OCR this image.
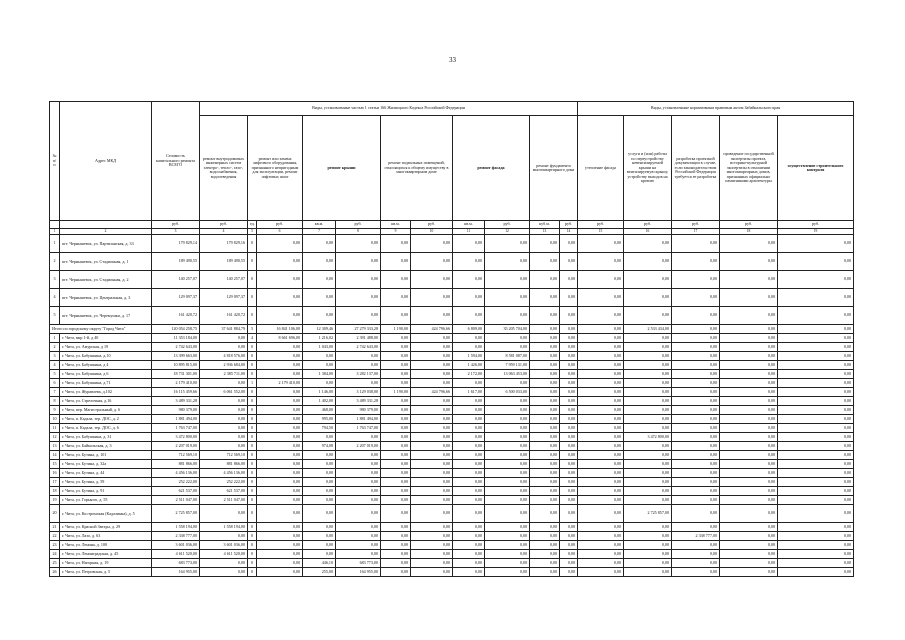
33
№ п/п	Адрес МКД	Стоимость капитального ремонта ВСЕГО	Виды, установленные частью 1 статьи 166 Жилищного Кодекса Российской Федерации											Виды, установленные нормативным правовым актом Забайкальского края				
			ремонт внутридомовых инженерных систем электро-, тепло-, газо-, водоснабжения, водоотведения	ремонт или замена лифтового оборудования, признанного непригодным для эксплуатации, ремонт лифтовых шахт		ремонт крыши		ремонт подвальных помещений, относящихся к общему имуществу в многоквартирном доме		ремонт фасада		ремонт фундамента многоквартирного дома		утепление фасада	услуги и (или) работы по переустройству невентилируемой крыши на вентилируемую крышу, устройству выходов на кровлю	разработка проектной документации в случае, если законодательством Российской Федерации требуется ее разработка	проведение государственной экспертизы проекта, историко-культурной экспертизы в отношении многоквартирных домов, признанных официально памятниками архитектуры	осуществление строительного контроля
		руб.	руб.	ед.	руб.	кв.м.	руб.	кв.м.	руб.	кв.м.	руб.	куб.м.	руб.	руб.	руб.	руб.	руб.	руб.
1	2	3	4	5	6	7	8	9	10	11	12	13	14	15	16	17	18	19
1	пгт. Чернышевск, ул. Партизанская, д. 33	179 829,14	179 829,16	0	0,00	0,00	0,00	0,00	0,00	0,00	0,00	0,00	0,00	0,00	0,00	0,00	0,00	0,00
2	пгт. Чернышевск, ул. Стадионная, д. 1	189 490,55	189 490,55	0	0,00	0,00	0,00	0,00	0,00	0,00	0,00	0,00	0,00	0,00	0,00	0,00	0,00	0,00
3	пгт. Чернышевск, ул. Стадионная, д. 2	140 257,07	140 257,07	0	0,00	0,00	0,00	0,00	0,00	0,00	0,00	0,00	0,00	0,00	0,00	0,00	0,00	0,00
4	пгт. Чернышевск, ул. Центральная, д. 3	129 097,37	129 097,37	0	0,00	0,00	0,00	0,00	0,00	0,00	0,00	0,00	0,00	0,00	0,00	0,00	0,00	0,00
5	пгт. Чернышевск, ул. Черемушки, д. 17	161 420,72	161 420,72	0	0,00	0,00	0,00	0,00	0,00	0,00	0,00	0,00	0,00	0,00	0,00	0,00	0,00	0,00
Итого по городскому округу "Город Чита"		120 054 258,75	37 641 884,79	5	16 841 106,00	12 309,46	27 279 333,28	1 190,00	424 796,66	6 809,00	35 205 704,00	0,00	0,00	0,00	2 533 434,00	0,00	0,00	0,00
1	г. Чита, мкр 1-й, д 40	11 353 184,00	0,00	4	8 661 696,00	1 216,02	2 391 488,00	0,00	0,00	0,00	0,00	0,00	0,00	0,00	0,00	0,00	0,00	0,00
2	г. Чита, ул. Амурская, д 19	2 742 643,00	0,00	0	0,00	1 043,00	2 742 643,00	0,00	0,00	0,00	0,00	0,00	0,00	0,00	0,00	0,00	0,00	0,00
3	г. Чита, ул. Бабушкина, д.10	13 399 663,00	4 818 576,00	0	0,00	0,00	0,00	0,00	0,00	1 594,00	8 581 087,00	0,00	0,00	0,00	0,00	0,00	0,00	0,00
4	г. Чита, ул. Бабушкина, д 4	10 895 815,00	2 936 684,00	0	0,00	0,00	0,00	0,00	0,00	1 426,00	7 959 131,00	0,00	0,00	0,00	0,00	0,00	0,00	0,00
5	г. Чита, ул. Бабушкина, д 6	18 731 301,00	2 385 711,00	0	0,00	1 384,00	3 282 137,00	0,00	0,00	2 172,00	13 063 453,00	0,00	0,00	0,00	0,00	0,00	0,00	0,00
6	г. Чита, ул. Бабушкина, д.71	2 179 410,00	0,00	1	2 179 410,00	0,00	0,00	0,00	0,00	0,00	0,00	0,00	0,00	0,00	0,00	0,00	0,00	0,00
7	г. Чита, ул. Журавлева, д.102	16 115 459,66	6 061 552,00	0	0,00	1 146,00	3 129 038,00	1 190,00	424 796,66	1 617,00	6 500 033,00	0,00	0,00	0,00	0,00	0,00	0,00	0,00
8	г. Чита, ул. Стрелочная, д.16	3 489 331,28	0,00	0	0,00	1 402,00	3 489 331,28	0,00	0,00	0,00	0,00	0,00	0,00	0,00	0,00	0,00	0,00	0,00
9	г. Чита, пер. Магистральный, д. 6	980 379,00	0,00	0	0,00	468,00	980 379,00	0,00	0,00	0,00	0,00	0,00	0,00	0,00	0,00	0,00	0,00	0,00
10	г. Чита, п. Кадала, тер. ДОС, д. 2	1 881 494,00	0,00	0	0,00	995,00	1 881 494,00	0,00	0,00	0,00	0,00	0,00	0,00	0,00	0,00	0,00	0,00	0,00
11	г. Чита, п. Кадала, тер. ДОС, д. 6	1 763 747,00	0,00	0	0,00	794,50	1 763 747,00	0,00	0,00	0,00	0,00	0,00	0,00	0,00	0,00	0,00	0,00	0,00
12	г. Чита, ул. Бабушкина, д. 31	3 472 800,00	0,00	0	0,00	0,00	0,00	0,00	0,00	0,00	0,00	0,00	0,00	0,00	3 472 800,00	0,00	0,00	0,00
13	г. Чита, ул. Байкальская, д. 3	2 207 019,00	0,00	0	0,00	974,08	2 207 019,00	0,00	0,00	0,00	0,00	0,00	0,00	0,00	0,00	0,00	0,00	0,00
14	г. Чита, ул. Бутина, д. 101	712 569,10	712 569,10	0	0,00	0,00	0,00	0,00	0,00	0,00	0,00	0,00	0,00	0,00	0,00	0,00	0,00	0,00
15	г. Чита, ул. Бутина, д. 32а	881 866,00	881 866,00	0	0,00	0,00	0,00	0,00	0,00	0,00	0,00	0,00	0,00	0,00	0,00	0,00	0,00	0,00
16	г. Чита, ул. Бутина, д. 44	4 456 136,00	4 456 136,00	0	0,00	0,00	0,00	0,00	0,00	0,00	0,00	0,00	0,00	0,00	0,00	0,00	0,00	0,00
17	г. Чита, ул. Бутина, д. 59	252 222,00	252 222,00	0	0,00	0,00	0,00	0,00	0,00	0,00	0,00	0,00	0,00	0,00	0,00	0,00	0,00	0,00
18	г. Чита, ул. Бутина, д. 91	621 537,00	621 537,00	0	0,00	0,00	0,00	0,00	0,00	0,00	0,00	0,00	0,00	0,00	0,00	0,00	0,00	0,00
19	г. Чита, ул. Горького, д. 55	2 511 047,00	2 511 047,00	0	0,00	0,00	0,00	0,00	0,00	0,00	0,00	0,00	0,00	0,00	0,00	0,00	0,00	0,00
20	г. Чита, ул. Костромская (Кадалинка), д. 5	2 725 857,00	0,00	0	0,00	0,00	0,00	0,00	0,00	0,00	0,00	0,00	0,00	0,00	2 725 857,00	0,00	0,00	0,00
21	г. Чита, ул. Красной Звезды, д. 29	1 558 194,00	1 558 194,00	0	0,00	0,00	0,00	0,00	0,00	0,00	0,00	0,00	0,00	0,00	0,00	0,00	0,00	0,00
22	г. Чита, ул. Лазо, д. 63	2 338 777,00	0,00	0	0,00	0,00	0,00	0,00	0,00	0,00	0,00	0,00	0,00	0,00	0,00	2 338 777,00	0,00	0,00
23	г. Чита, ул. Ленина, д. 100	3 601 036,00	3 601 036,00	0	0,00	0,00	0,00	0,00	0,00	0,00	0,00	0,00	0,00	0,00	0,00	0,00	0,00	0,00
24	г. Чита, ул. Ленинградская, д. 45	4 611 520,00	4 611 520,00	0	0,00	0,00	0,00	0,00	0,00	0,00	0,00	0,00	0,00	0,00	0,00	0,00	0,00	0,00
25	г. Чита, ул. Нагорная, д. 19	683 773,00	0,00	0	0,00	446,10	683 773,00	0,00	0,00	0,00	0,00	0,00	0,00	0,00	0,00	0,00	0,00	0,00
26	г. Чита, ул. Петровская, д. 5	164 955,00	0,00	0	0,00	255,00	164 955,00	0,00	0,00	0,00	0,00	0,00	0,00	0,00	0,00	0,00	0,00	0,00
